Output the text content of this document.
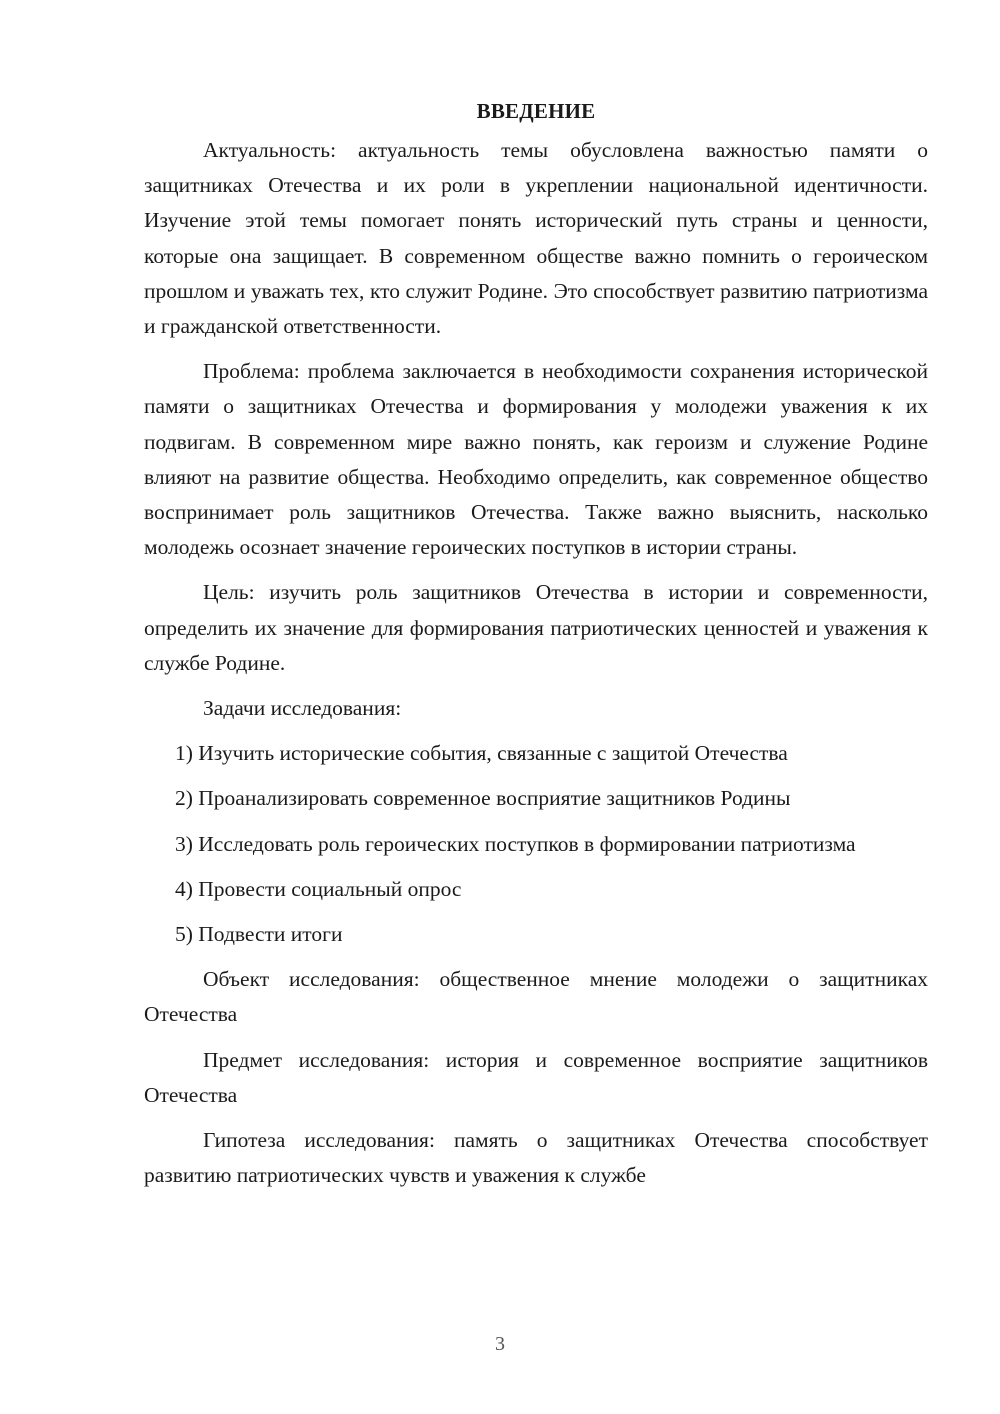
ВВЕДЕНИЕ

Актуальность: актуальность темы обусловлена важностью памяти о защитниках Отечества и их роли в укреплении национальной идентичности. Изучение этой темы помогает понять исторический путь страны и ценности, которые она защищает. В современном обществе важно помнить о героическом прошлом и уважать тех, кто служит Родине. Это способствует развитию патриотизма и гражданской ответственности.

Проблема: проблема заключается в необходимости сохранения исторической памяти о защитниках Отечества и формирования у молодежи уважения к их подвигам. В современном мире важно понять, как героизм и служение Родине влияют на развитие общества. Необходимо определить, как современное общество воспринимает роль защитников Отечества. Также важно выяснить, насколько молодежь осознает значение героических поступков в истории страны.

Цель: изучить роль защитников Отечества в истории и современности, определить их значение для формирования патриотических ценностей и уважения к службе Родине.

Задачи исследования:

1) Изучить исторические события, связанные с защитой Отечества

2) Проанализировать современное восприятие защитников Родины

3) Исследовать роль героических поступков в формировании патриотизма

4) Провести социальный опрос

5) Подвести итоги

Объект исследования: общественное мнение молодежи о защитниках Отечества

Предмет исследования: история и современное восприятие защитников Отечества

Гипотеза исследования: память о защитниках Отечества способствует развитию патриотических чувств и уважения к службе

3
